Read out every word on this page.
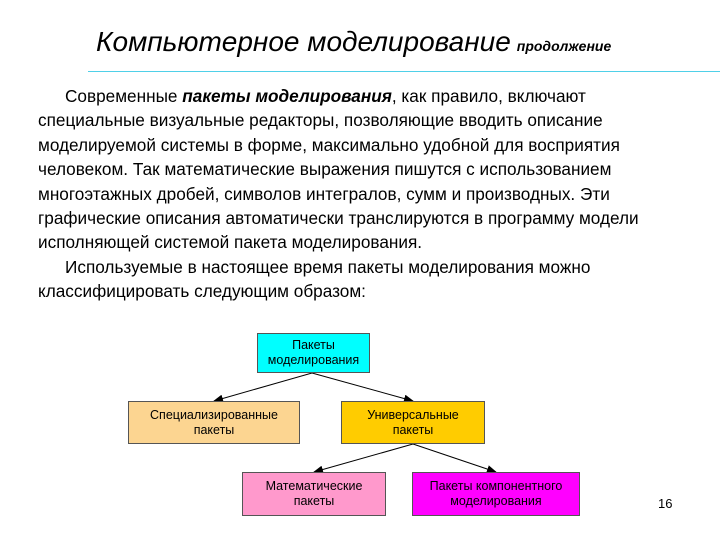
Компьютерное моделирование продолжение

Современные пакеты моделирования, как правило, включают специальные визуальные редакторы, позволяющие вводить описание моделируемой системы в форме, максимально удобной для восприятия человеком. Так математические выражения пишутся с использованием многоэтажных дробей, символов интегралов, сумм и производных. Эти графические описания автоматически транслируются в программу модели исполняющей системой пакета моделирования.

Используемые в настоящее время пакеты моделирования можно классифицировать следующим образом:

Пакеты моделирования
Специализированные пакеты
Универсальные пакеты
Математические пакеты
Пакеты компонентного моделирования	16
